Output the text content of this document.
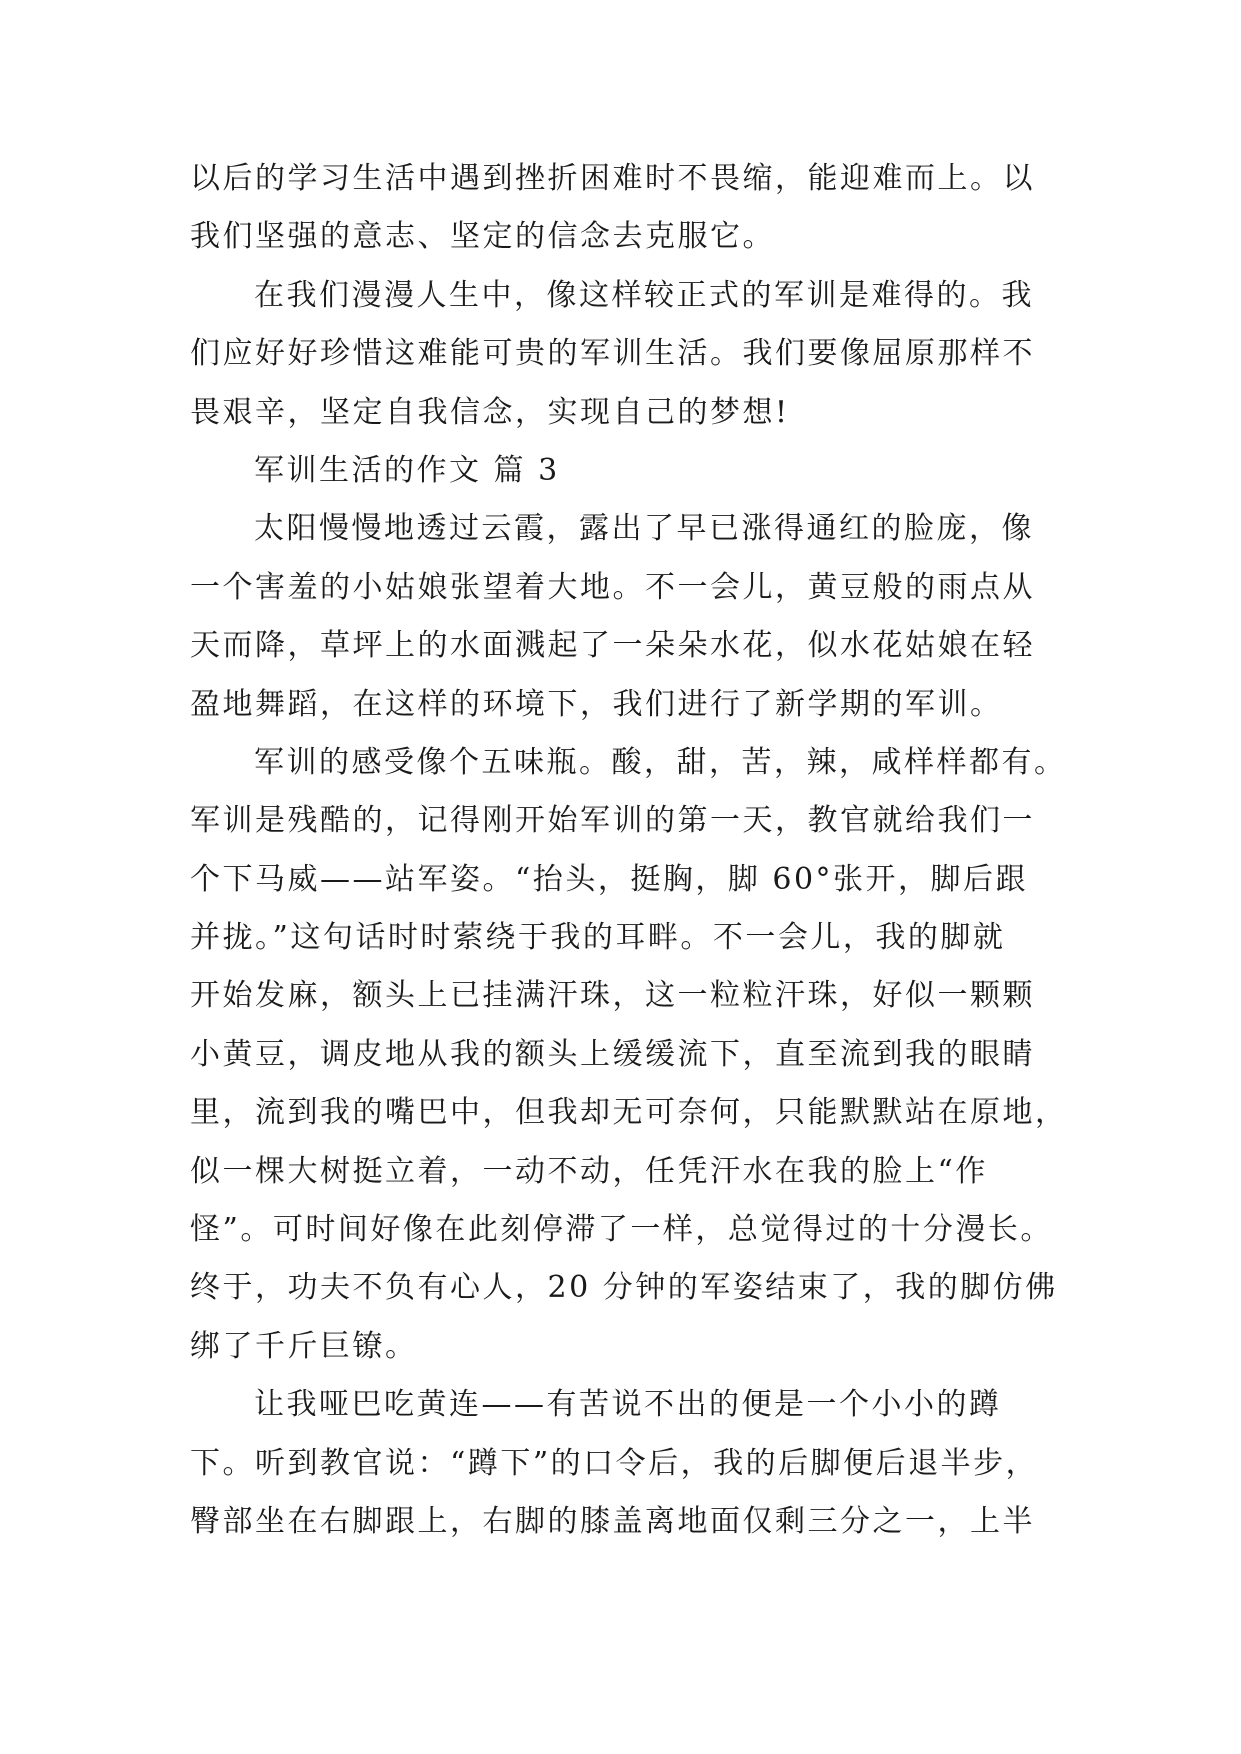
以后的学习生活中遇到挫折困难时不畏缩，能迎难而上。以
我们坚强的意志、坚定的信念去克服它。
在我们漫漫人生中，像这样较正式的军训是难得的。我
们应好好珍惜这难能可贵的军训生活。我们要像屈原那样不
畏艰辛，坚定自我信念，实现自己的梦想!
军训生活的作文 篇 3
太阳慢慢地透过云霞，露出了早已涨得通红的脸庞，像
一个害羞的小姑娘张望着大地。不一会儿，黄豆般的雨点从
天而降，草坪上的水面溅起了一朵朵水花，似水花姑娘在轻
盈地舞蹈，在这样的环境下，我们进行了新学期的军训。
军训的感受像个五味瓶。酸，甜，苦，辣，咸样样都有。
军训是残酷的，记得刚开始军训的第一天，教官就给我们一
个下马威——站军姿。“抬头，挺胸，脚 60°张开，脚后跟
并拢。”这句话时时萦绕于我的耳畔。不一会儿，我的脚就
开始发麻，额头上已挂满汗珠，这一粒粒汗珠，好似一颗颗
小黄豆，调皮地从我的额头上缓缓流下，直至流到我的眼睛
里，流到我的嘴巴中，但我却无可奈何，只能默默站在原地，
似一棵大树挺立着，一动不动，任凭汗水在我的脸上“作
怪”。可时间好像在此刻停滞了一样，总觉得过的十分漫长。
终于，功夫不负有心人，20 分钟的军姿结束了，我的脚仿佛
绑了千斤巨镣。
让我哑巴吃黄连——有苦说不出的便是一个小小的蹲
下。听到教官说：“蹲下”的口令后，我的后脚便后退半步，
臀部坐在右脚跟上，右脚的膝盖离地面仅剩三分之一，上半
